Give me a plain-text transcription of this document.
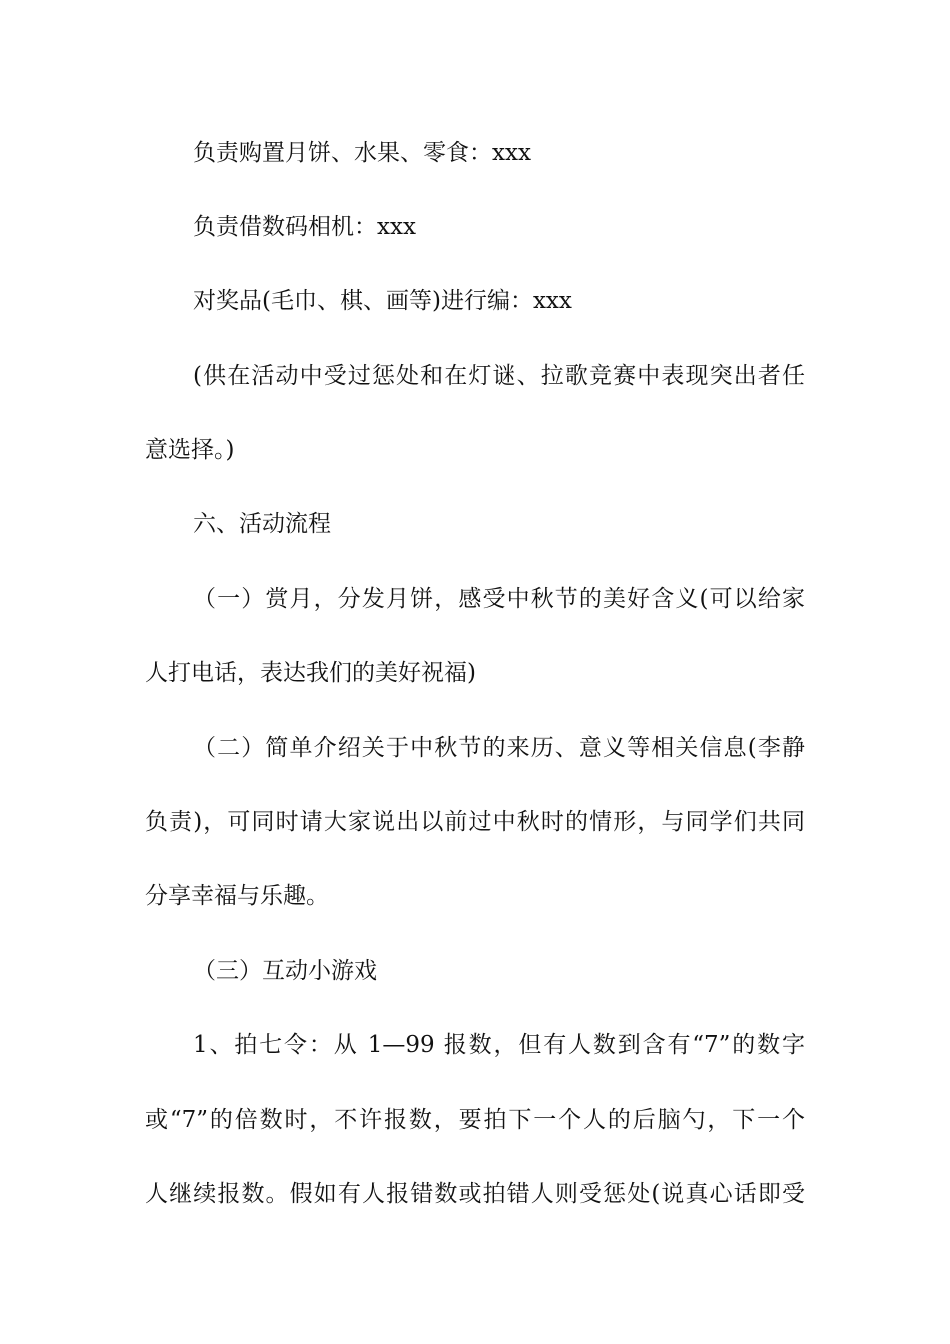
负责购置月饼、水果、零食：xxx
负责借数码相机：xxx
对奖品(毛巾、棋、画等)进行编：xxx
(供在活动中受过惩处和在灯谜、拉歌竞赛中表现突出者任
意选择。)
六、活动流程
（一）赏月，分发月饼，感受中秋节的美好含义(可以给家
人打电话，表达我们的美好祝福)
（二）简单介绍关于中秋节的来历、意义等相关信息(李静
负责)，可同时请大家说出以前过中秋时的情形，与同学们共同
分享幸福与乐趣。
（三）互动小游戏
1、拍七令：从 1—99 报数，但有人数到含有“7”的数字
或“7”的倍数时，不许报数，要拍下一个人的后脑勺，下一个
人继续报数。假如有人报错数或拍错人则受惩处(说真心话即受
